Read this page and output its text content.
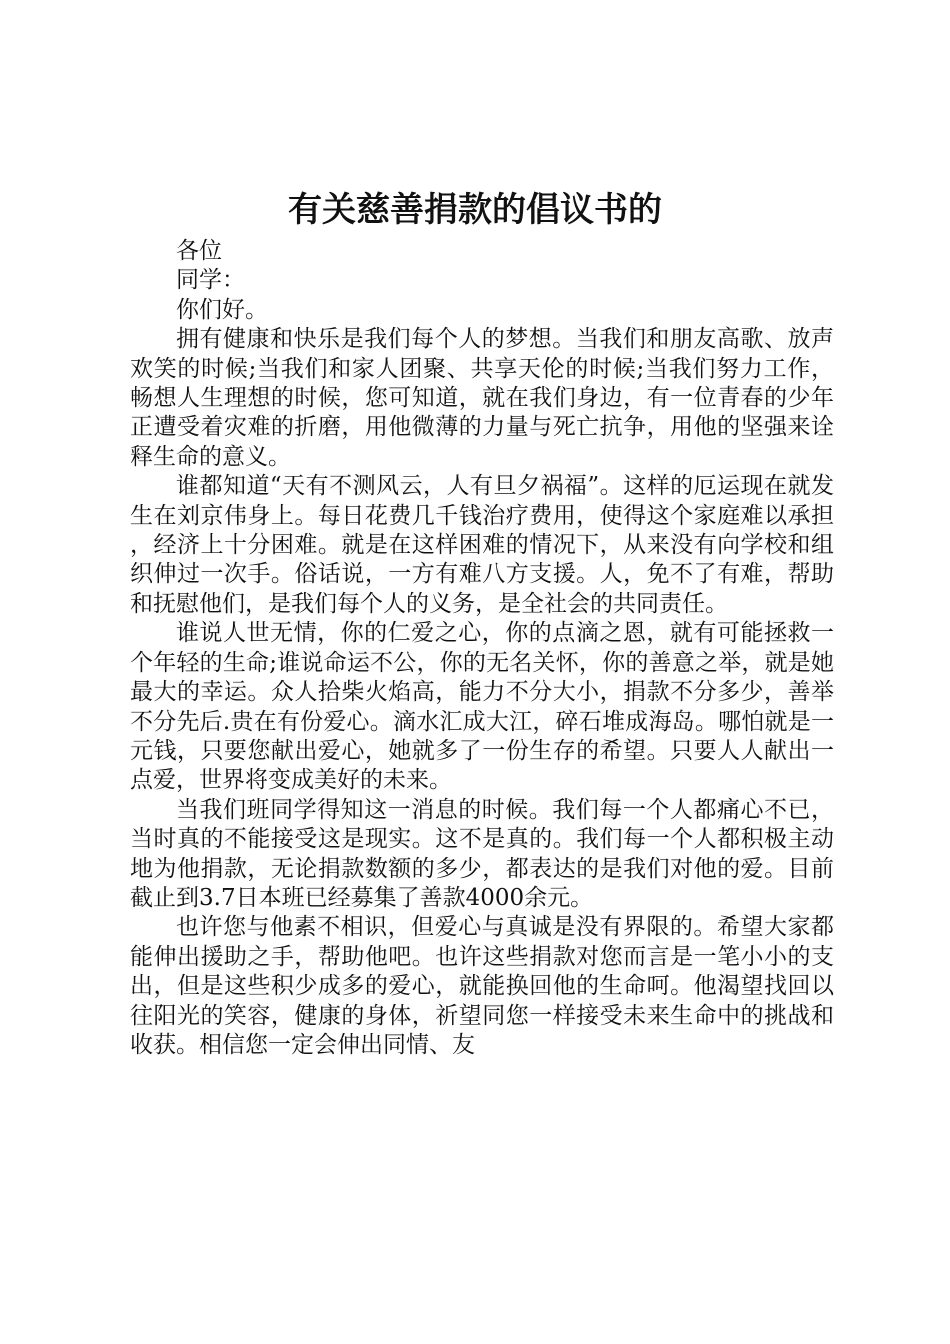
有关慈善捐款的倡议书的
各位
同学：
你们好。

拥有健康和快乐是我们每个人的梦想。当我们和朋友高歌、放声欢笑的时候;当我们和家人团聚、共享天伦的时候;当我们努力工作，畅想人生理想的时候，您可知道，就在我们身边，有一位青春的少年正遭受着灾难的折磨，用他微薄的力量与死亡抗争，用他的坚强来诠释生命的意义。

谁都知道“天有不测风云，人有旦夕祸福”。这样的厄运现在就发生在刘京伟身上。每日花费几千钱治疗费用，使得这个家庭难以承担，经济上十分困难。就是在这样困难的情况下，从来没有向学校和组织伸过一次手。俗话说，一方有难八方支援。人，免不了有难，帮助和抚慰他们，是我们每个人的义务，是全社会的共同责任。

谁说人世无情，你的仁爱之心，你的点滴之恩，就有可能拯救一个年轻的生命;谁说命运不公，你的无名关怀，你的善意之举，就是她最大的幸运。众人拾柴火焰高，能力不分大小，捐款不分多少，善举不分先后.贵在有份爱心。滴水汇成大江，碎石堆成海岛。哪怕就是一元钱，只要您献出爱心，她就多了一份生存的希望。只要人人献出一点爱，世界将变成美好的未来。

当我们班同学得知这一消息的时候。我们每一个人都痛心不已，当时真的不能接受这是现实。这不是真的。我们每一个人都积极主动地为他捐款，无论捐款数额的多少，都表达的是我们对他的爱。目前截止到3.7日本班已经募集了善款4000余元。

也许您与他素不相识，但爱心与真诚是没有界限的。希望大家都能伸出援助之手，帮助他吧。也许这些捐款对您而言是一笔小小的支出，但是这些积少成多的爱心，就能换回他的生命呵。他渴望找回以往阳光的笑容，健康的身体，祈望同您一样接受未来生命中的挑战和收获。相信您一定会伸出同情、友
